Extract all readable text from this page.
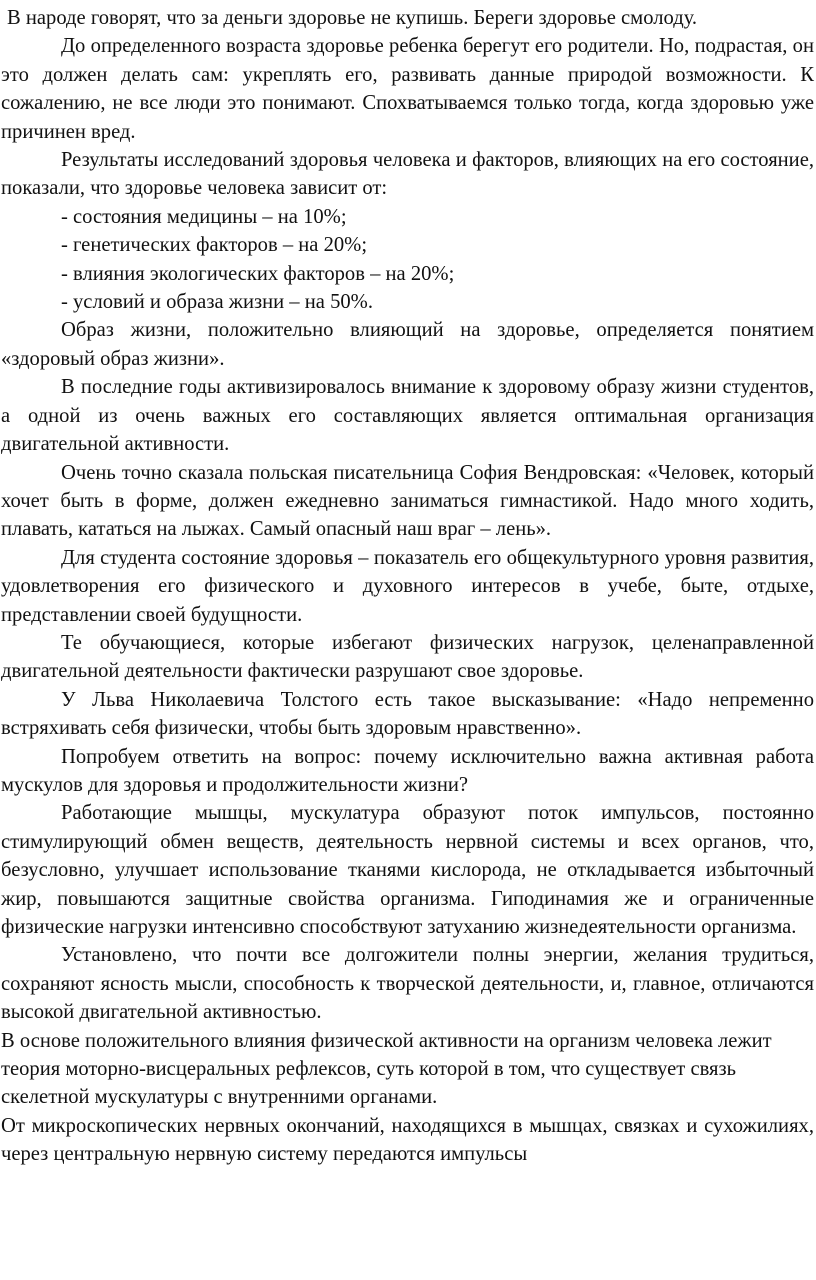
В народе говорят, что за деньги здоровье не купишь. Береги здоровье смолоду.

До определенного возраста здоровье ребенка берегут его родители. Но, подрастая, он это должен делать сам: укреплять его, развивать данные природой возможности. К сожалению, не все люди это понимают. Спохватываемся только тогда, когда здоровью уже причинен вред.

Результаты исследований здоровья человека и факторов, влияющих на его состояние, показали, что здоровье человека зависит от:

- состояния медицины – на 10%;

- генетических факторов – на 20%;

- влияния экологических факторов – на 20%;

- условий и образа жизни – на 50%.

Образ жизни, положительно влияющий на здоровье, определяется понятием «здоровый образ жизни».

В последние годы активизировалось внимание к здоровому образу жизни студентов, а одной из очень важных его составляющих является оптимальная организация двигательной активности.

Очень точно сказала польская писательница София Вендровская: «Человек, который хочет быть в форме, должен ежедневно заниматься гимнастикой. Надо много ходить, плавать, кататься на лыжах. Самый опасный наш враг – лень».

Для студента состояние здоровья – показатель его общекультурного уровня развития, удовлетворения его физического и духовного интересов в учебе, быте, отдыхе, представлении своей будущности.

Те обучающиеся, которые избегают физических нагрузок, целенаправленной двигательной деятельности фактически разрушают свое здоровье.

У Льва Николаевича Толстого есть такое высказывание: «Надо непременно встряхивать себя физически, чтобы быть здоровым нравственно».

Попробуем ответить на вопрос: почему исключительно важна активная работа мускулов для здоровья и продолжительности жизни?

Работающие мышцы, мускулатура образуют поток импульсов, постоянно стимулирующий обмен веществ, деятельность нервной системы и всех органов, что, безусловно, улучшает использование тканями кислорода, не откладывается избыточный жир, повышаются защитные свойства организма. Гиподинамия же и ограниченные физические нагрузки интенсивно способствуют затуханию жизнедеятельности организма.

Установлено, что почти все долгожители полны энергии, желания трудиться, сохраняют ясность мысли, способность к творческой деятельности, и, главное, отличаются высокой двигательной активностью.

В основе положительного влияния физической активности на организм человека лежит теория моторно-висцеральных рефлексов, суть которой в том, что существует связь скелетной мускулатуры с внутренними органами.

От микроскопических нервных окончаний, находящихся в мышцах, связках и сухожилиях, через центральную нервную систему передаются импульсы
